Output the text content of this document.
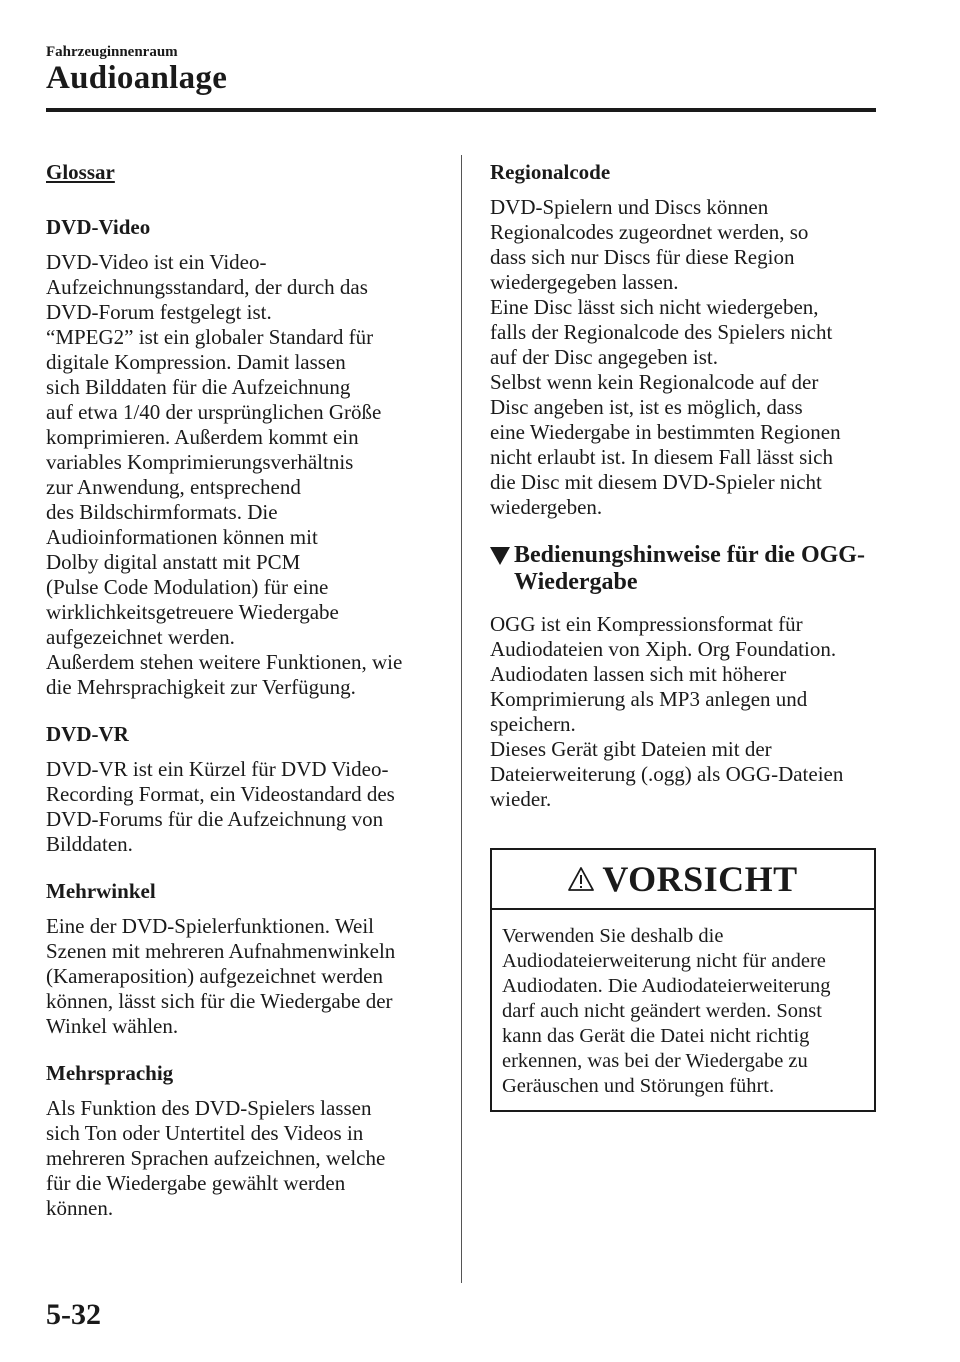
Fahrzeuginnenraum
Audioanlage
Glossar
DVD-Video
DVD-Video ist ein Video-
Aufzeichnungsstandard, der durch das
DVD-Forum festgelegt ist.
“MPEG2” ist ein globaler Standard für
digitale Kompression. Damit lassen
sich Bilddaten für die Aufzeichnung
auf etwa 1/40 der ursprünglichen Größe
komprimieren. Außerdem kommt ein
variables Komprimierungsverhältnis
zur Anwendung, entsprechend
des Bildschirmformats. Die
Audioinformationen können mit
Dolby digital anstatt mit PCM
(Pulse Code Modulation) für eine
wirklichkeitsgetreuere Wiedergabe
aufgezeichnet werden.
Außerdem stehen weitere Funktionen, wie
die Mehrsprachigkeit zur Verfügung.
DVD-VR
DVD-VR ist ein Kürzel für DVD Video-
Recording Format, ein Videostandard des
DVD-Forums für die Aufzeichnung von
Bilddaten.
Mehrwinkel
Eine der DVD-Spielerfunktionen. Weil
Szenen mit mehreren Aufnahmenwinkeln
(Kameraposition) aufgezeichnet werden
können, lässt sich für die Wiedergabe der
Winkel wählen.
Mehrsprachig
Als Funktion des DVD-Spielers lassen
sich Ton oder Untertitel des Videos in
mehreren Sprachen aufzeichnen, welche
für die Wiedergabe gewählt werden
können.
Regionalcode
DVD-Spielern und Discs können
Regionalcodes zugeordnet werden, so
dass sich nur Discs für diese Region
wiedergegeben lassen.
Eine Disc lässt sich nicht wiedergeben,
falls der Regionalcode des Spielers nicht
auf der Disc angegeben ist.
Selbst wenn kein Regionalcode auf der
Disc angeben ist, ist es möglich, dass
eine Wiedergabe in bestimmten Regionen
nicht erlaubt ist. In diesem Fall lässt sich
die Disc mit diesem DVD-Spieler nicht
wiedergeben.
Bedienungshinweise für die OGG-
Wiedergabe
OGG ist ein Kompressionsformat für
Audiodateien von Xiph. Org Foundation.
Audiodaten lassen sich mit höherer
Komprimierung als MP3 anlegen und
speichern.
Dieses Gerät gibt Dateien mit der
Dateierweiterung (.ogg) als OGG-Dateien
wieder.
VORSICHT
Verwenden Sie deshalb die
Audiodateierweiterung nicht für andere
Audiodaten. Die Audiodateierweiterung
darf auch nicht geändert werden. Sonst
kann das Gerät die Datei nicht richtig
erkennen, was bei der Wiedergabe zu
Geräuschen und Störungen führt.
5-32
